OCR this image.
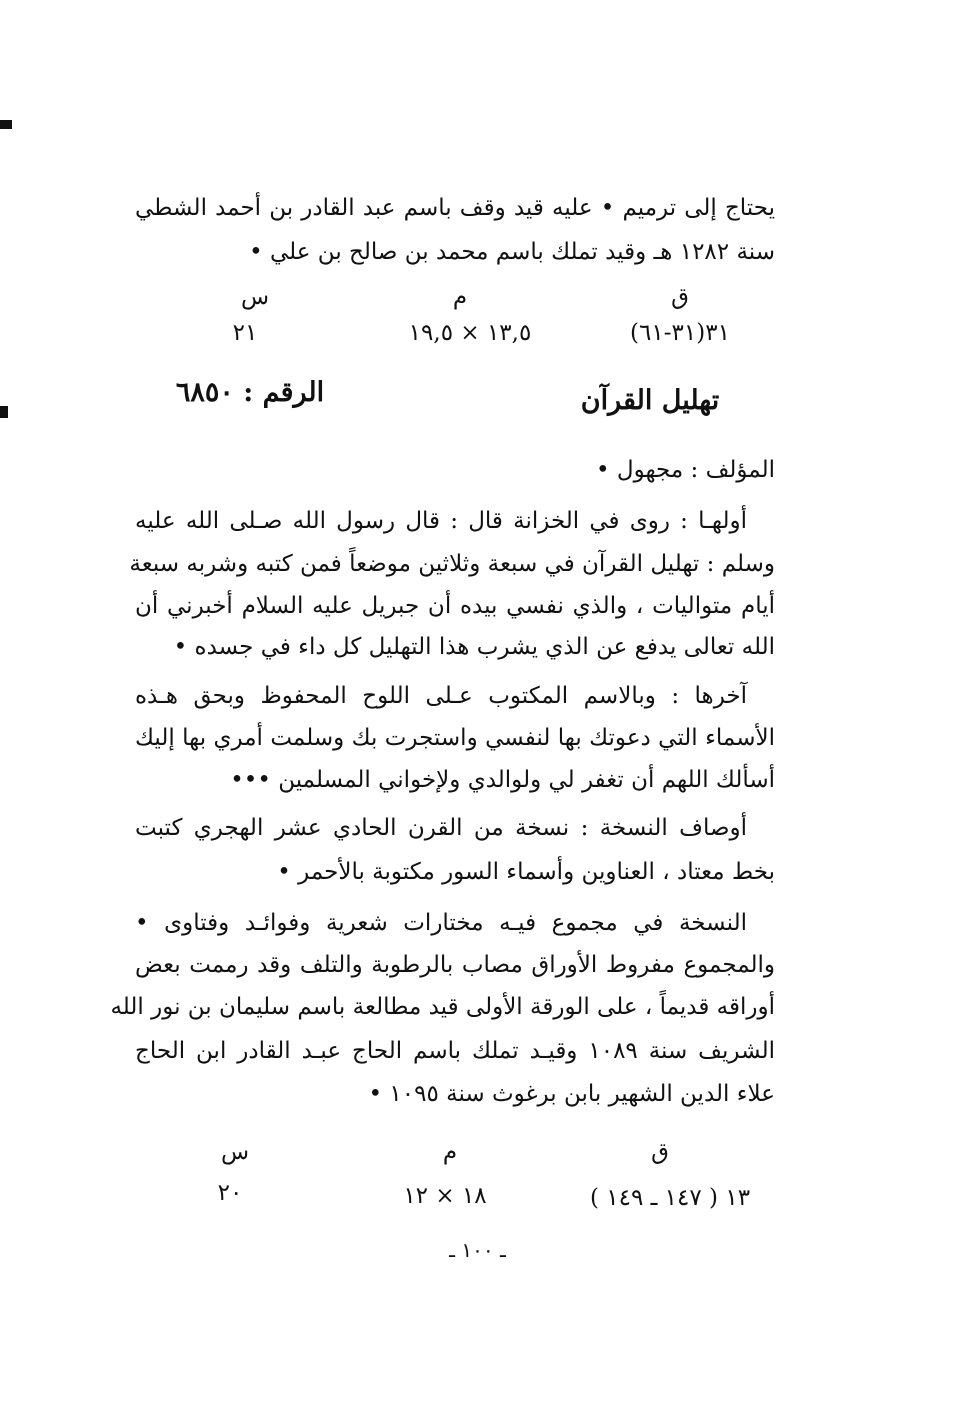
يحتاج إلى ترميم • عليه قيد وقف باسم عبد القادر بن أحمد الشطي
سنة ١٢٨٢ هـ وقيد تملك باسم محمد بن صالح بن علي •
ق
م
س
٣١(٣١-٦١)
١٣,٥ × ١٩,٥
٢١
تهليل القرآن
الرقم : ٦٨٥٠
المؤلف : مجهول •
أولهـا : روى في الخزانة قال : قال رسول الله صـلى الله عليه
وسلم : تهليل القرآن في سبعة وثلاثين موضعاً فمن كتبه وشربه سبعة
أيام متواليات ، والذي نفسي بيده أن جبريل عليه السلام أخبرني أن
الله تعالى يدفع عن الذي يشرب هذا التهليل كل داء في جسده •
آخرها : وبالاسم المكتوب عـلى اللوح المحفوظ وبحق هـذه
الأسماء التي دعوتك بها لنفسي واستجرت بك وسلمت أمري بها إليك
أسألك اللهم أن تغفر لي ولوالدي ولإخواني المسلمين •••
أوصاف النسخة : نسخة من القرن الحادي عشر الهجري كتبت
بخط معتاد ، العناوين وأسماء السور مكتوبة بالأحمر •
النسخة في مجموع فيـه مختارات شعرية وفوائـد وفتاوى •
والمجموع مفروط الأوراق مصاب بالرطوبة والتلف وقد رممت بعض
أوراقه قديماً ، على الورقة الأولى قيد مطالعة باسم سليمان بن نور الله
الشريف سنة ١٠٨٩ وقيـد تملك باسم الحاج عبـد القادر ابن الحاج
علاء الدين الشهير بابن برغوث سنة ١٠٩٥ •
ق
م
س
١٣ ( ١٤٧ ـ ١٤٩ )
١٨ × ١٢
٢٠
ـ ١٠٠ ـ
